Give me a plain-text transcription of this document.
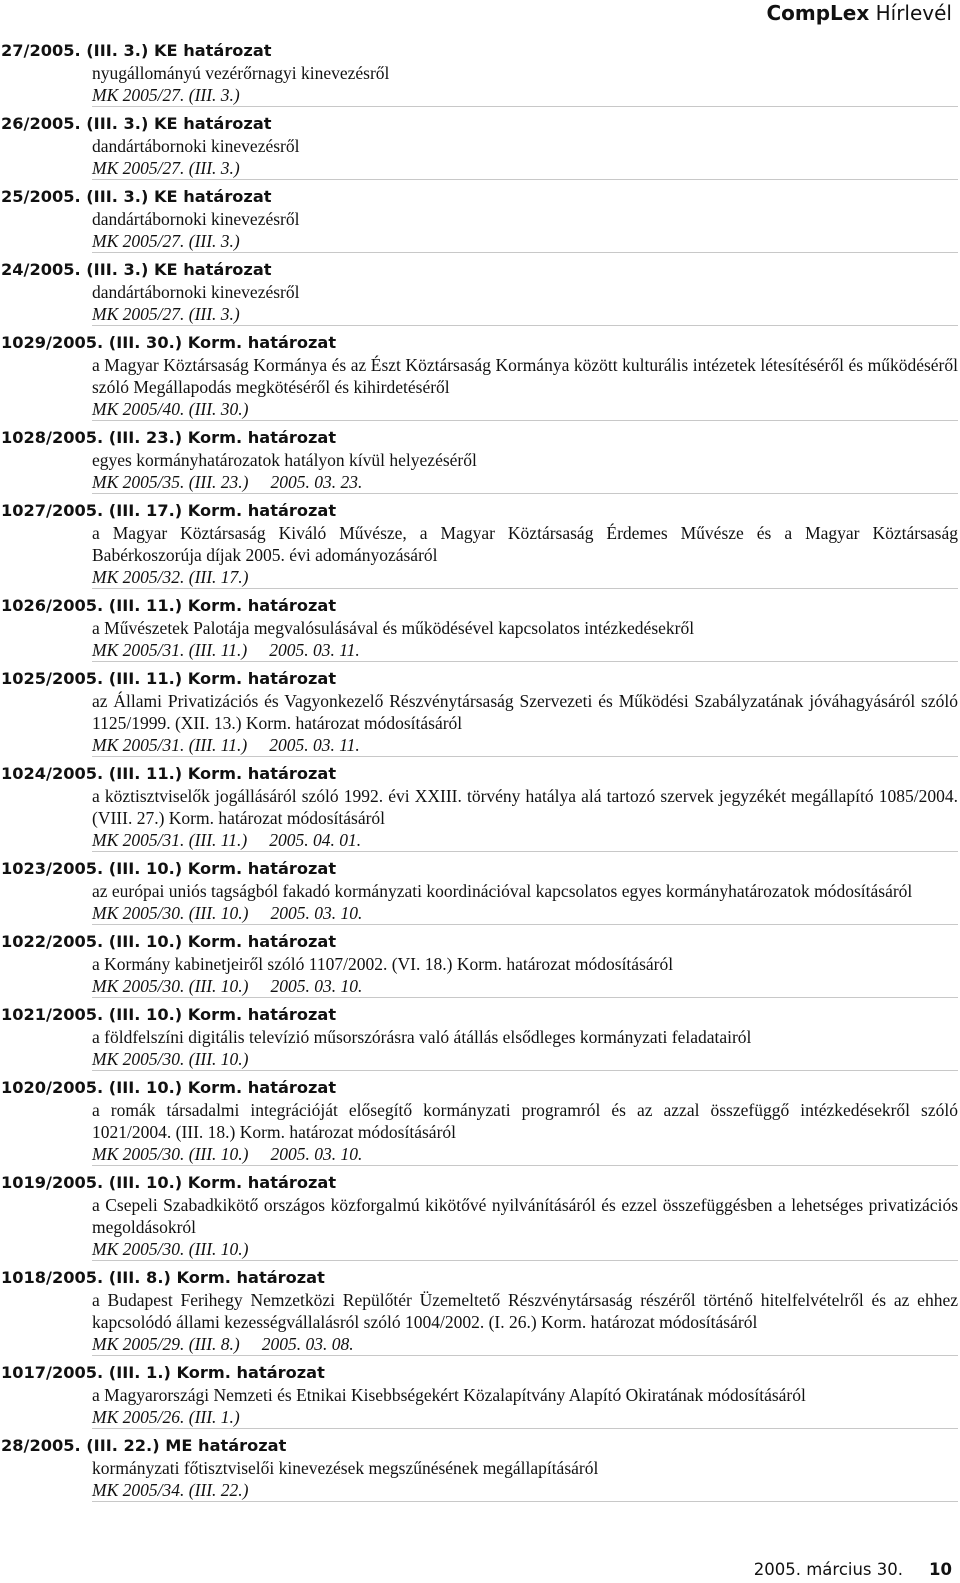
CompLex Hírlevél
27/2005. (III. 3.) KE határozat
nyugállományú vezérőrnagyi kinevezésről
MK 2005/27. (III. 3.)
26/2005. (III. 3.) KE határozat
dandártábornoki kinevezésről
MK 2005/27. (III. 3.)
25/2005. (III. 3.) KE határozat
dandártábornoki kinevezésről
MK 2005/27. (III. 3.)
24/2005. (III. 3.) KE határozat
dandártábornoki kinevezésről
MK 2005/27. (III. 3.)
1029/2005. (III. 30.) Korm. határozat
a Magyar Köztársaság Kormánya és az Észt Köztársaság Kormánya között kulturális intézetek létesítéséről és működéséről szóló Megállapodás megkötéséről és kihirdetéséről
MK 2005/40. (III. 30.)
1028/2005. (III. 23.) Korm. határozat
egyes kormányhatározatok hatályon kívül helyezéséről
MK 2005/35. (III. 23.) 2005. 03. 23.
1027/2005. (III. 17.) Korm. határozat
a Magyar Köztársaság Kiváló Művésze, a Magyar Köztársaság Érdemes Művésze és a Magyar Köztársaság Babérkoszorúja díjak 2005. évi adományozásáról
MK 2005/32. (III. 17.)
1026/2005. (III. 11.) Korm. határozat
a Művészetek Palotája megvalósulásával és működésével kapcsolatos intézkedésekről
MK 2005/31. (III. 11.) 2005. 03. 11.
1025/2005. (III. 11.) Korm. határozat
az Állami Privatizációs és Vagyonkezelő Részvénytársaság Szervezeti és Működési Szabályzatának jóváhagyásáról szóló 1125/1999. (XII. 13.) Korm. határozat módosításáról
MK 2005/31. (III. 11.) 2005. 03. 11.
1024/2005. (III. 11.) Korm. határozat
a köztisztviselők jogállásáról szóló 1992. évi XXIII. törvény hatálya alá tartozó szervek jegyzékét megállapító 1085/2004. (VIII. 27.) Korm. határozat módosításáról
MK 2005/31. (III. 11.) 2005. 04. 01.
1023/2005. (III. 10.) Korm. határozat
az európai uniós tagságból fakadó kormányzati koordinációval kapcsolatos egyes kormányhatározatok módosításáról
MK 2005/30. (III. 10.) 2005. 03. 10.
1022/2005. (III. 10.) Korm. határozat
a Kormány kabinetjeiről szóló 1107/2002. (VI. 18.) Korm. határozat módosításáról
MK 2005/30. (III. 10.) 2005. 03. 10.
1021/2005. (III. 10.) Korm. határozat
a földfelszíni digitális televízió műsorszórásra való átállás elsődleges kormányzati feladatairól
MK 2005/30. (III. 10.)
1020/2005. (III. 10.) Korm. határozat
a romák társadalmi integrációját elősegítő kormányzati programról és az azzal összefüggő intézkedésekről szóló 1021/2004. (III. 18.) Korm. határozat módosításáról
MK 2005/30. (III. 10.) 2005. 03. 10.
1019/2005. (III. 10.) Korm. határozat
a Csepeli Szabadkikötő országos közforgalmú kikötővé nyilvánításáról és ezzel összefüggésben a lehetséges privatizációs megoldásokról
MK 2005/30. (III. 10.)
1018/2005. (III. 8.) Korm. határozat
a Budapest Ferihegy Nemzetközi Repülőtér Üzemeltető Részvénytársaság részéről történő hitelfelvételről és az ehhez kapcsolódó állami kezességvállalásról szóló 1004/2002. (I. 26.) Korm. határozat módosításáról
MK 2005/29. (III. 8.) 2005. 03. 08.
1017/2005. (III. 1.) Korm. határozat
a Magyarországi Nemzeti és Etnikai Kisebbségekért Közalapítvány Alapító Okiratának módosításáról
MK 2005/26. (III. 1.)
28/2005. (III. 22.) ME határozat
kormányzati főtisztviselői kinevezések megszűnésének megállapításáról
MK 2005/34. (III. 22.)
2005. március 30. 10
